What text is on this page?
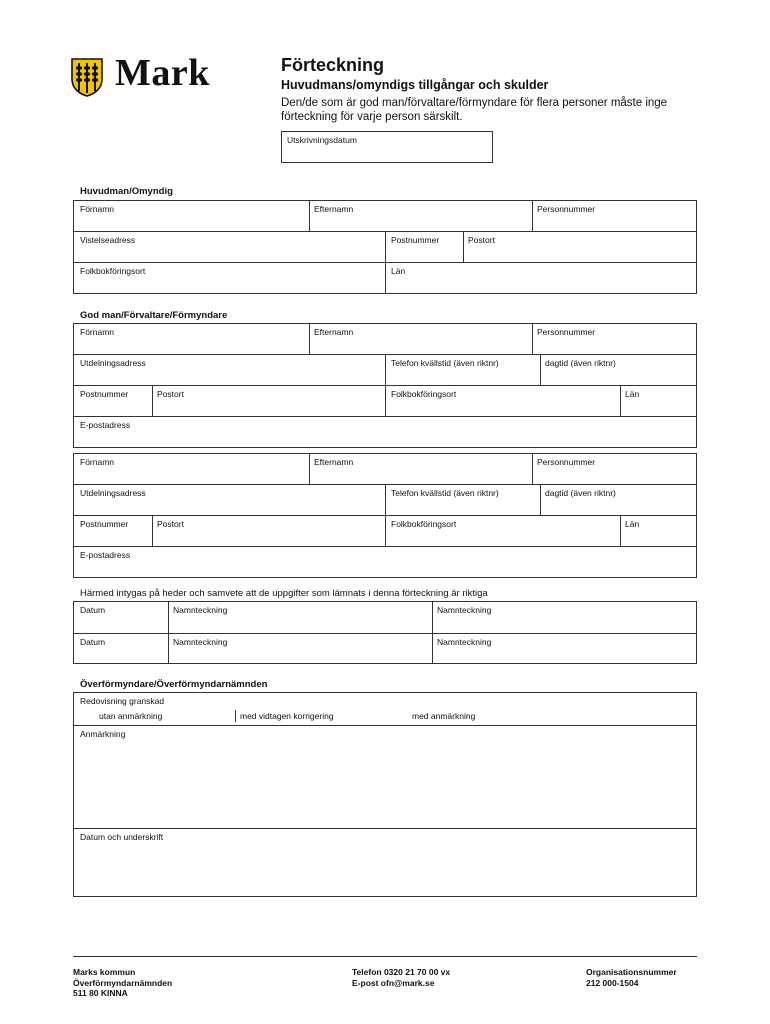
Mark	Förteckning
Huvudmans/omyndigs tillgångar och skulder
Den/de som är god man/förvaltare/förmyndare för flera personer måste inge förteckning för varje person särskilt.
Utskrivningsdatum
Huvudman/Omyndig
Förnamn	Efternamn	Personnummer
Vistelseadress	Postnummer	Postort
Folkbokföringsort	Län
God man/Förvaltare/Förmyndare
Förnamn	Efternamn	Personnummer
Utdelningsadress	Telefon kvällstid (även riktnr)	dagtid (även riktnr)
Postnummer	Postort	Folkbokföringsort	Län
E-postadress
Förnamn	Efternamn	Personnummer
Utdelningsadress	Telefon kvällstid (även riktnr)	dagtid (även riktnr)
Postnummer	Postort	Folkbokföringsort	Län
E-postadress
Härmed intygas på heder och samvete att de uppgifter som lämnats i denna förteckning är riktiga
Datum	Namnteckning	Namnteckning
Datum	Namnteckning	Namnteckning
Överförmyndare/Överförmyndarnämnden
Redovisning granskad
utan anmärkning	med vidtagen korrigering	med anmärkning
Anmärkning
Datum och underskrift
Marks kommun
Överförmyndarnämnden
511 80 KINNA
Telefon 0320 21 70 00 vx
E-post ofn@mark.se
Organisationsnummer
212 000-1504
